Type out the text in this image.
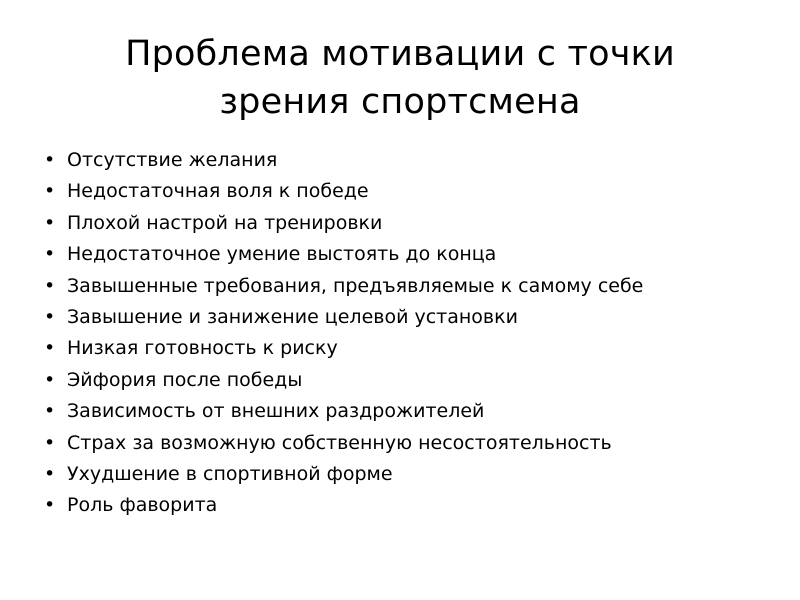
Проблема мотивации с точки
зрения спортсмена
• Отсутствие желания
• Недостаточная воля к победе
• Плохой настрой на тренировки
• Недостаточное умение выстоять до конца
• Завышенные требования, предъявляемые к самому себе
• Завышение и занижение целевой установки
• Низкая готовность к риску
• Эйфория после победы
• Зависимость от внешних раздрожителей
• Страх за возможную собственную несостоятельность
• Ухудшение в спортивной форме
• Роль фаворита
